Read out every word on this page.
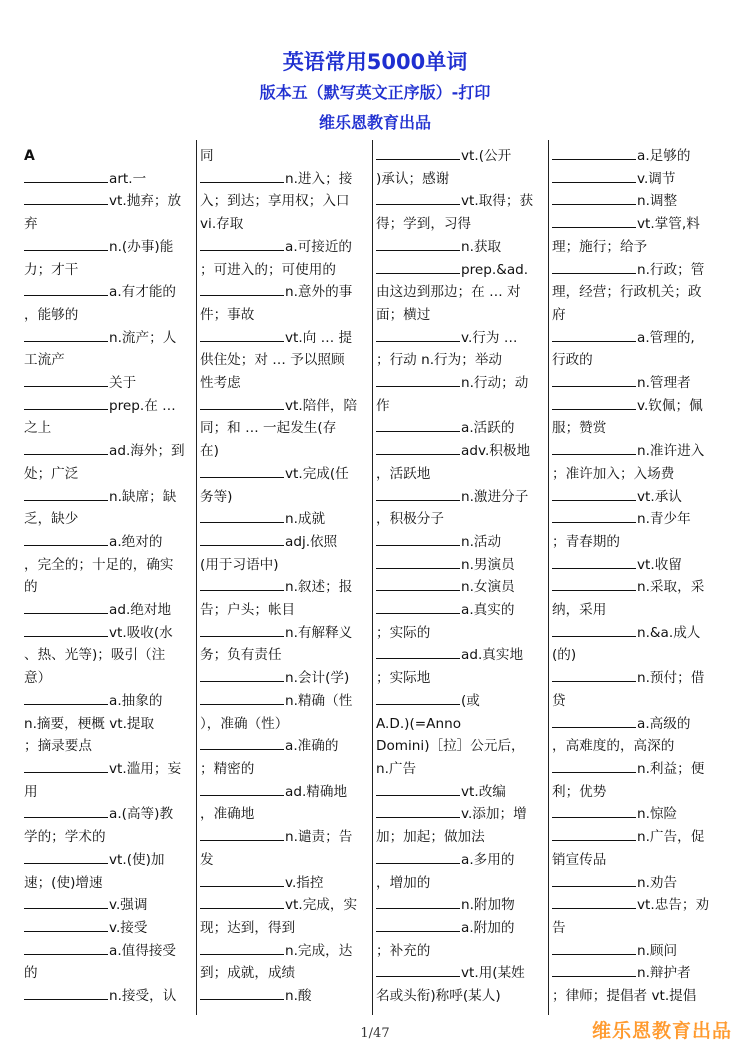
英语常用5000单词
版本五（默写英文正序版）-打印
维乐恩教育出品
A
art.一
vt.抛弃；放
弃
n.(办事)能
力；才干
a.有才能的
，能够的
n.流产；人
工流产
关于
prep.在 …
之上
ad.海外；到
处；广泛
n.缺席；缺
乏，缺少
a.绝对的
，完全的；十足的，确实
的
ad.绝对地
vt.吸收(水
、热、光等)；吸引（注
意）
a.抽象的
n.摘要，梗概 vt.提取
；摘录要点
vt.滥用；妄
用
a.(高等)教
学的；学术的
vt.(使)加
速；(使)增速
v.强调
v.接受
a.值得接受
的
n.接受，认
同
n.进入；接
入；到达；享用权；入口
vi.存取
a.可接近的
；可进入的；可使用的
n.意外的事
件；事故
vt.向 … 提
供住处；对 … 予以照顾
性考虑
vt.陪伴，陪
同；和 … 一起发生(存
在)
vt.完成(任
务等)
n.成就
adj.依照
(用于习语中)
n.叙述；报
告；户头；帐目
n.有解释义
务；负有责任
n.会计(学)
n.精确（性
），准确（性）
a.准确的
；精密的
ad.精确地
，准确地
n.谴责；告
发
v.指控
vt.完成，实
现；达到，得到
n.完成，达
到；成就，成绩
n.酸
vt.(公开
)承认；感谢
vt.取得；获
得；学到，习得
n.获取
prep.&ad.
由这边到那边；在 … 对
面；横过
v.行为 …
；行动 n.行为；举动
n.行动；动
作
a.活跃的
adv.积极地
，活跃地
n.激进分子
，积极分子
n.活动
n.男演员
n.女演员
a.真实的
；实际的
ad.真实地
；实际地
(或
A.D.)(=Anno
Domini)［拉］公元后，
n.广告
vt.改编
v.添加；增
加；加起；做加法
a.多用的
，增加的
n.附加物
a.附加的
；补充的
vt.用(某姓
名或头衔)称呼(某人)
a.足够的
v.调节
n.调整
vt.掌管,料
理；施行；给予
n.行政；管
理，经营；行政机关；政
府
a.管理的,
行政的
n.管理者
v.钦佩；佩
服；赞赏
n.准许进入
；准许加入；入场费
vt.承认
n.青少年
；青春期的
vt.收留
n.采取，采
纳，采用
n.&a.成人
(的)
n.预付；借
贷
a.高级的
，高难度的，高深的
n.利益；便
利；优势
n.惊险
n.广告，促
销宣传品
n.劝告
vt.忠告；劝
告
n.顾问
n.辩护者
；律师；提倡者 vt.提倡
1/47	维乐恩教育出品
